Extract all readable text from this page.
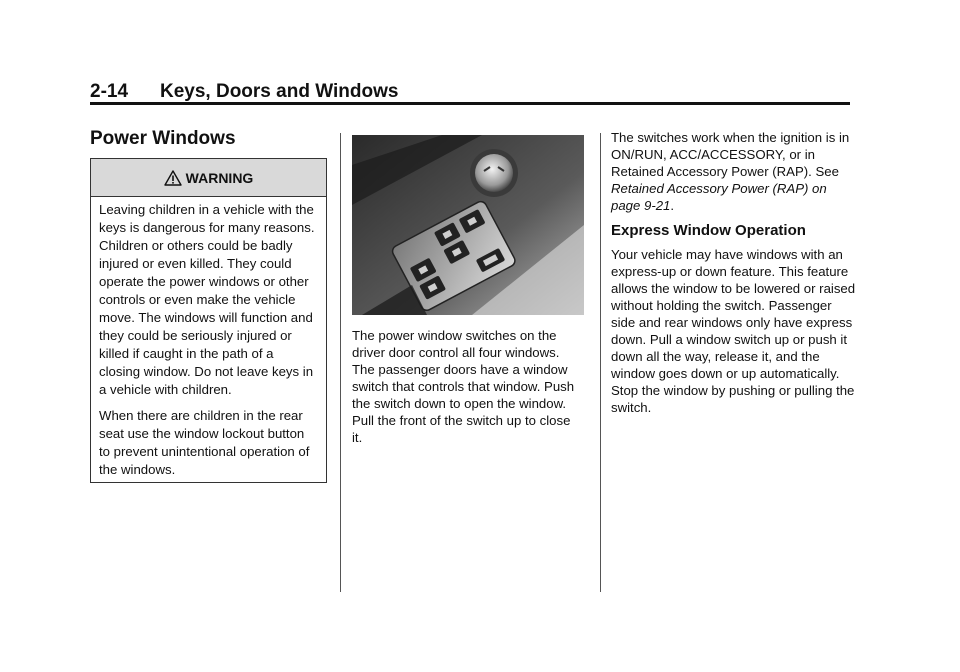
2-14 Keys, Doors and Windows
Power Windows
WARNING

Leaving children in a vehicle with the keys is dangerous for many reasons. Children or others could be badly injured or even killed. They could operate the power windows or other controls or even make the vehicle move. The windows will function and they could be seriously injured or killed if caught in the path of a closing window. Do not leave keys in a vehicle with children.

When there are children in the rear seat use the window lockout button to prevent unintentional operation of the windows.

The power window switches on the driver door control all four windows. The passenger doors have a window switch that controls that window. Push the switch down to open the window. Pull the front of the switch up to close it.

The switches work when the ignition is in ON/RUN, ACC/ACCESSORY, or in Retained Accessory Power (RAP). See Retained Accessory Power (RAP) on page 9-21.

Express Window Operation

Your vehicle may have windows with an express-up or down feature. This feature allows the window to be lowered or raised without holding the switch. Passenger side and rear windows only have express down. Pull a window switch up or push it down all the way, release it, and the window goes down or up automatically. Stop the window by pushing or pulling the switch.
